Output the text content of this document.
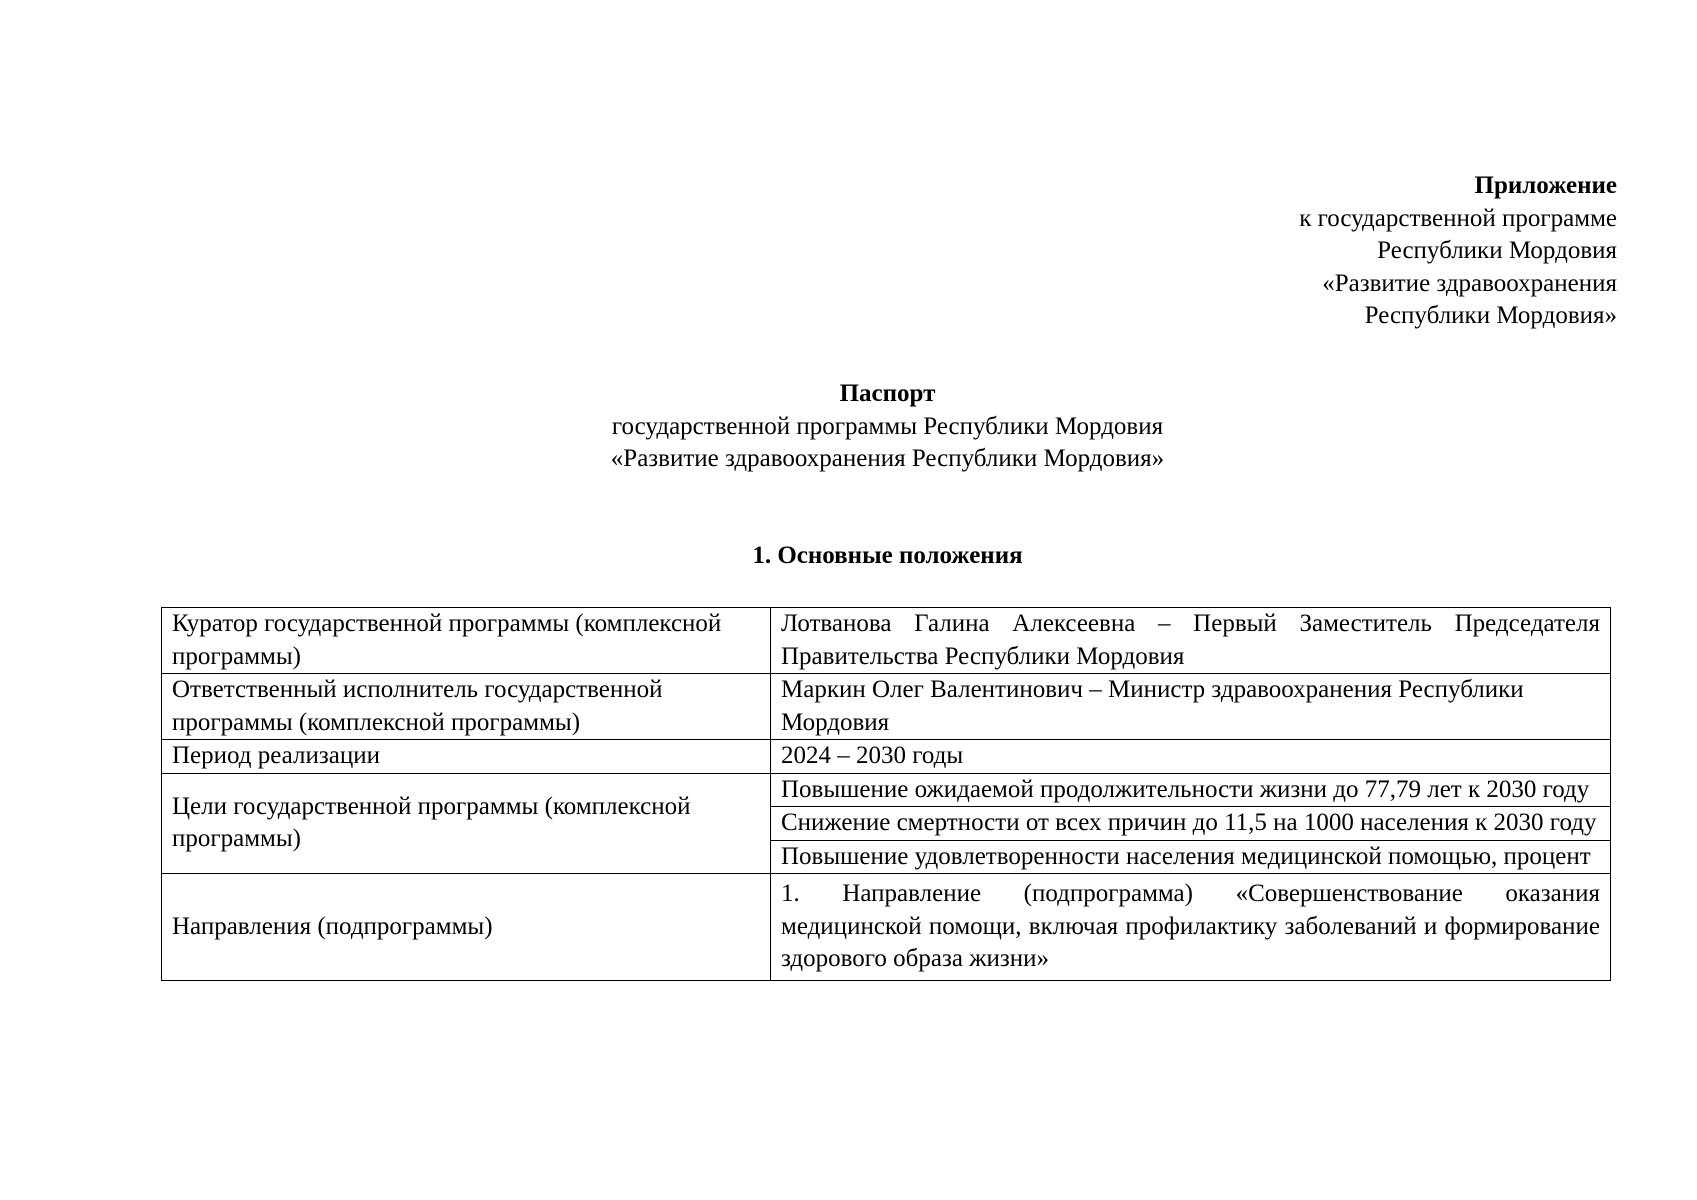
Приложение
к государственной программе
Республики Мордовия
«Развитие здравоохранения
Республики Мордовия»
Паспорт
государственной программы Республики Мордовия
«Развитие здравоохранения Республики Мордовия»
1. Основные положения
Куратор государственной программы (комплексной программы)	Лотванова Галина Алексеевна – Первый Заместитель Председателя Правительства Республики Мордовия
Ответственный исполнитель государственной программы (комплексной программы)	Маркин Олег Валентинович – Министр здравоохранения Республики Мордовия
Период реализации	2024 – 2030 годы
Цели государственной программы (комплексной программы)	Повышение ожидаемой продолжительности жизни до 77,79 лет к 2030 году
	Снижение смертности от всех причин до 11,5 на 1000 населения к 2030 году
	Повышение удовлетворенности населения медицинской помощью, процент
Направления (подпрограммы)	1. Направление (подпрограмма) «Совершенствование оказания медицинской помощи, включая профилактику заболеваний и формирование здорового образа жизни»
